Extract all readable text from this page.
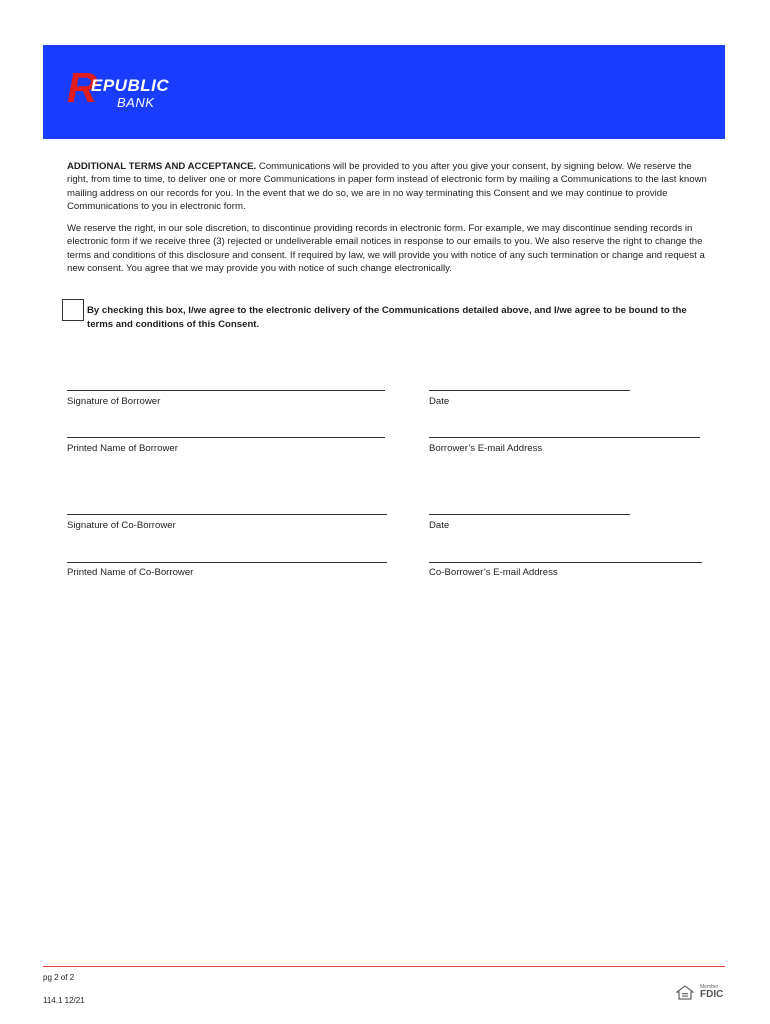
R
EPUBLIC
BANK

ADDITIONAL TERMS AND ACCEPTANCE. Communications will be provided to you after you give your consent, by signing below. We reserve the right, from time to time, to deliver one or more Communications in paper form instead of electronic form by mailing a Communications to the last known mailing address on our records for you. In the event that we do so, we are in no way terminating this Consent and we may continue to provide Communications to you in electronic form.

We reserve the right, in our sole discretion, to discontinue providing records in electronic form. For example, we may discontinue sending records in electronic form if we receive three (3) rejected or undeliverable email notices in response to our emails to you. We also reserve the right to change the terms and conditions of this disclosure and consent. If required by law, we will provide you with notice of any such termination or change and request a new consent. You agree that we may provide you with notice of such change electronically.

By checking this box, I/we agree to the electronic delivery of the Communications detailed above, and I/we agree to be bound to the terms and conditions of this Consent.

Signature of Borrower	Date

Printed Name of Borrower	Borrower’s E-mail Address

Signature of Co-Borrower	Date

Printed Name of Co-Borrower	Co-Borrower’s E-mail Address

pg 2 of 2

114.1 12/21

Member
FDIC
